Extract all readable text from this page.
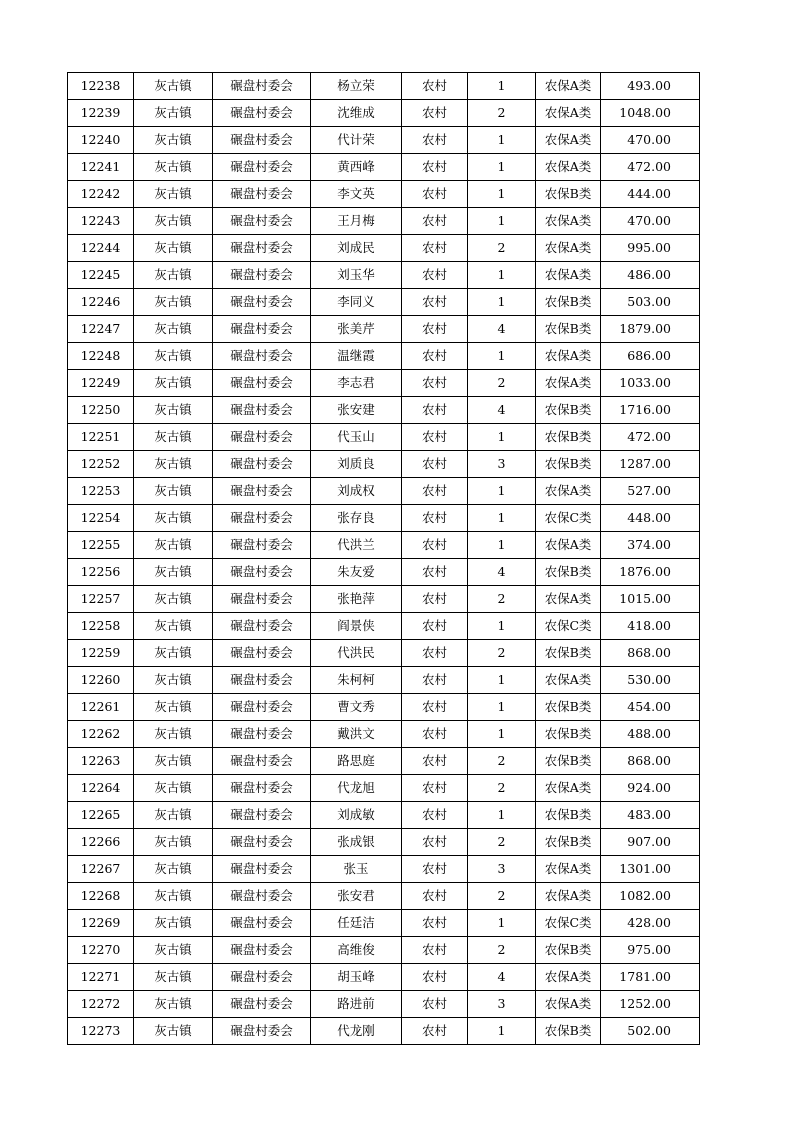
12238	灰古镇	碾盘村委会	杨立荣	农村	1	农保A类	493.00
12239	灰古镇	碾盘村委会	沈维成	农村	2	农保A类	1048.00
12240	灰古镇	碾盘村委会	代计荣	农村	1	农保A类	470.00
12241	灰古镇	碾盘村委会	黄西峰	农村	1	农保A类	472.00
12242	灰古镇	碾盘村委会	李文英	农村	1	农保B类	444.00
12243	灰古镇	碾盘村委会	王月梅	农村	1	农保A类	470.00
12244	灰古镇	碾盘村委会	刘成民	农村	2	农保A类	995.00
12245	灰古镇	碾盘村委会	刘玉华	农村	1	农保A类	486.00
12246	灰古镇	碾盘村委会	李同义	农村	1	农保B类	503.00
12247	灰古镇	碾盘村委会	张美芹	农村	4	农保B类	1879.00
12248	灰古镇	碾盘村委会	温继霞	农村	1	农保A类	686.00
12249	灰古镇	碾盘村委会	李志君	农村	2	农保A类	1033.00
12250	灰古镇	碾盘村委会	张安建	农村	4	农保B类	1716.00
12251	灰古镇	碾盘村委会	代玉山	农村	1	农保B类	472.00
12252	灰古镇	碾盘村委会	刘质良	农村	3	农保B类	1287.00
12253	灰古镇	碾盘村委会	刘成权	农村	1	农保A类	527.00
12254	灰古镇	碾盘村委会	张存良	农村	1	农保C类	448.00
12255	灰古镇	碾盘村委会	代洪兰	农村	1	农保A类	374.00
12256	灰古镇	碾盘村委会	朱友爱	农村	4	农保B类	1876.00
12257	灰古镇	碾盘村委会	张艳萍	农村	2	农保A类	1015.00
12258	灰古镇	碾盘村委会	阎景侠	农村	1	农保C类	418.00
12259	灰古镇	碾盘村委会	代洪民	农村	2	农保B类	868.00
12260	灰古镇	碾盘村委会	朱柯柯	农村	1	农保A类	530.00
12261	灰古镇	碾盘村委会	曹文秀	农村	1	农保B类	454.00
12262	灰古镇	碾盘村委会	戴洪文	农村	1	农保B类	488.00
12263	灰古镇	碾盘村委会	路思庭	农村	2	农保B类	868.00
12264	灰古镇	碾盘村委会	代龙旭	农村	2	农保A类	924.00
12265	灰古镇	碾盘村委会	刘成敏	农村	1	农保B类	483.00
12266	灰古镇	碾盘村委会	张成银	农村	2	农保B类	907.00
12267	灰古镇	碾盘村委会	张玉	农村	3	农保A类	1301.00
12268	灰古镇	碾盘村委会	张安君	农村	2	农保A类	1082.00
12269	灰古镇	碾盘村委会	任廷洁	农村	1	农保C类	428.00
12270	灰古镇	碾盘村委会	高维俊	农村	2	农保B类	975.00
12271	灰古镇	碾盘村委会	胡玉峰	农村	4	农保A类	1781.00
12272	灰古镇	碾盘村委会	路进前	农村	3	农保A类	1252.00
12273	灰古镇	碾盘村委会	代龙刚	农村	1	农保B类	502.00
